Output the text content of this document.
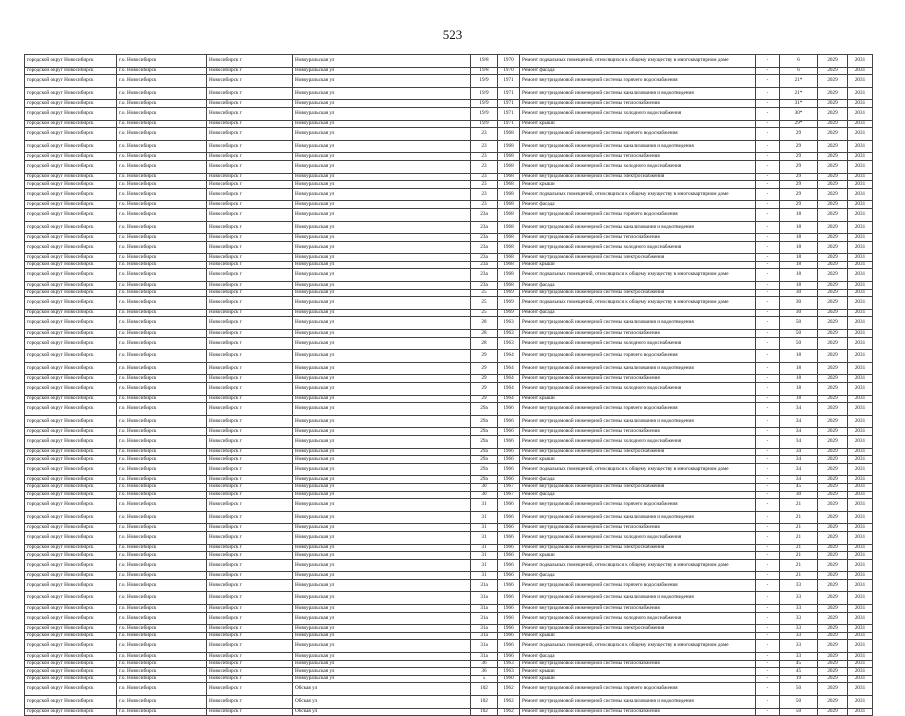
523
городской округ Новосибирск	г.о. Новосибирск	Новосибирск г	Новоуральская ул	19/8	1970	Ремонт подвальных помещений, относящихся к общему имуществу в многоквартирном доме	-	6	2029	2031
городской округ Новосибирск	г.о. Новосибирск	Новосибирск г	Новоуральская ул	19/8	1970	Ремонт фасада	-	6	2029	2031
городской округ Новосибирск	г.о. Новосибирск	Новосибирск г	Новоуральская ул	19/9	1971	Ремонт внутридомовой инженерной системы горячего водоснабжения	-	21*	2029	2031
городской округ Новосибирск	г.о. Новосибирск	Новосибирск г	Новоуральская ул	19/9	1971	Ремонт внутридомовой инженерной системы канализования и водоотведения	-	21*	2029	2031
городской округ Новосибирск	г.о. Новосибирск	Новосибирск г	Новоуральская ул	19/9	1971	Ремонт внутридомовой инженерной системы теплоснабжения	-	31*	2029	2031
городской округ Новосибирск	г.о. Новосибирск	Новосибирск г	Новоуральская ул	19/9	1971	Ремонт внутридомовой инженерной системы холодного водоснабжения	-	30*	2029	2031
городской округ Новосибирск	г.о. Новосибирск	Новосибирск г	Новоуральская ул	19/9	1971	Ремонт крыши	-	29*	2029	2031
городской округ Новосибирск	г.о. Новосибирск	Новосибирск г	Новоуральская ул	23	1968	Ремонт внутридомовой инженерной системы горячего водоснабжения	-	29	2029	2031
городской округ Новосибирск	г.о. Новосибирск	Новосибирск г	Новоуральская ул	23	1968	Ремонт внутридомовой инженерной системы канализования и водоотведения	-	29	2029	2031
городской округ Новосибирск	г.о. Новосибирск	Новосибирск г	Новоуральская ул	23	1968	Ремонт внутридомовой инженерной системы теплоснабжения	-	29	2029	2031
городской округ Новосибирск	г.о. Новосибирск	Новосибирск г	Новоуральская ул	23	1968	Ремонт внутридомовой инженерной системы холодного водоснабжения	-	29	2029	2031
городской округ Новосибирск	г.о. Новосибирск	Новосибирск г	Новоуральская ул	23	1968	Ремонт внутридомовой инженерной системы электроснабжения	-	29	2029	2031
городской округ Новосибирск	г.о. Новосибирск	Новосибирск г	Новоуральская ул	23	1968	Ремонт крыши	-	29	2029	2031
городской округ Новосибирск	г.о. Новосибирск	Новосибирск г	Новоуральская ул	23	1968	Ремонт подвальных помещений, относящихся к общему имуществу в многоквартирном доме	-	29	2029	2031
городской округ Новосибирск	г.о. Новосибирск	Новосибирск г	Новоуральская ул	23	1968	Ремонт фасада	-	29	2029	2031
городской округ Новосибирск	г.о. Новосибирск	Новосибирск г	Новоуральская ул	23а	1968	Ремонт внутридомовой инженерной системы горячего водоснабжения	-	18	2029	2031
городской округ Новосибирск	г.о. Новосибирск	Новосибирск г	Новоуральская ул	23а	1968	Ремонт внутридомовой инженерной системы канализования и водоотведения	-	18	2029	2031
городской округ Новосибирск	г.о. Новосибирск	Новосибирск г	Новоуральская ул	23а	1968	Ремонт внутридомовой инженерной системы теплоснабжения	-	18	2029	2031
городской округ Новосибирск	г.о. Новосибирск	Новосибирск г	Новоуральская ул	23а	1968	Ремонт внутридомовой инженерной системы холодного водоснабжения	-	18	2029	2031
городской округ Новосибирск	г.о. Новосибирск	Новосибирск г	Новоуральская ул	23а	1968	Ремонт внутридомовой инженерной системы электроснабжения	-	18	2029	2031
городской округ Новосибирск	г.о. Новосибирск	Новосибирск г	Новоуральская ул	23а	1968	Ремонт крыши	-	18	2029	2031
городской округ Новосибирск	г.о. Новосибирск	Новосибирск г	Новоуральская ул	23а	1968	Ремонт подвальных помещений, относящихся к общему имуществу в многоквартирном доме	-	18	2029	2031
городской округ Новосибирск	г.о. Новосибирск	Новосибирск г	Новоуральская ул	23а	1968	Ремонт фасада	-	18	2029	2031
городской округ Новосибирск	г.о. Новосибирск	Новосибирск г	Новоуральская ул	25	1969	Ремонт внутридомовой инженерной системы электроснабжения	-	30	2029	2031
городской округ Новосибирск	г.о. Новосибирск	Новосибирск г	Новоуральская ул	25	1969	Ремонт подвальных помещений, относящихся к общему имуществу в многоквартирном доме	-	30	2029	2031
городской округ Новосибирск	г.о. Новосибирск	Новосибирск г	Новоуральская ул	25	1969	Ремонт фасада	-	30	2029	2031
городской округ Новосибирск	г.о. Новосибирск	Новосибирск г	Новоуральская ул	28	1963	Ремонт внутридомовой инженерной системы канализования и водоотведения	-	50	2029	2031
городской округ Новосибирск	г.о. Новосибирск	Новосибирск г	Новоуральская ул	28	1963	Ремонт внутридомовой инженерной системы теплоснабжения	-	50	2029	2031
городской округ Новосибирск	г.о. Новосибирск	Новосибирск г	Новоуральская ул	28	1963	Ремонт внутридомовой инженерной системы холодного водоснабжения	-	50	2029	2031
городской округ Новосибирск	г.о. Новосибирск	Новосибирск г	Новоуральская ул	29	1964	Ремонт внутридомовой инженерной системы горячего водоснабжения	-	18	2029	2031
городской округ Новосибирск	г.о. Новосибирск	Новосибирск г	Новоуральская ул	29	1964	Ремонт внутридомовой инженерной системы канализования и водоотведения	-	18	2029	2031
городской округ Новосибирск	г.о. Новосибирск	Новосибирск г	Новоуральская ул	29	1964	Ремонт внутридомовой инженерной системы теплоснабжения	-	18	2029	2031
городской округ Новосибирск	г.о. Новосибирск	Новосибирск г	Новоуральская ул	29	1964	Ремонт внутридомовой инженерной системы холодного водоснабжения	-	18	2029	2031
городской округ Новосибирск	г.о. Новосибирск	Новосибирск г	Новоуральская ул	29	1964	Ремонт крыши	-	18	2029	2031
городской округ Новосибирск	г.о. Новосибирск	Новосибирск г	Новоуральская ул	29а	1966	Ремонт внутридомовой инженерной системы горячего водоснабжения	-	34	2029	2031
городской округ Новосибирск	г.о. Новосибирск	Новосибирск г	Новоуральская ул	29а	1966	Ремонт внутридомовой инженерной системы канализования и водоотведения	-	34	2029	2031
городской округ Новосибирск	г.о. Новосибирск	Новосибирск г	Новоуральская ул	29а	1966	Ремонт внутридомовой инженерной системы теплоснабжения	-	34	2029	2031
городской округ Новосибирск	г.о. Новосибирск	Новосибирск г	Новоуральская ул	29а	1966	Ремонт внутридомовой инженерной системы холодного водоснабжения	-	34	2029	2031
городской округ Новосибирск	г.о. Новосибирск	Новосибирск г	Новоуральская ул	29а	1966	Ремонт внутридомовой инженерной системы электроснабжения	-	34	2029	2031
городской округ Новосибирск	г.о. Новосибирск	Новосибирск г	Новоуральская ул	29а	1966	Ремонт крыши	-	34	2029	2031
городской округ Новосибирск	г.о. Новосибирск	Новосибирск г	Новоуральская ул	29а	1966	Ремонт подвальных помещений, относящихся к общему имуществу в многоквартирном доме	-	34	2029	2031
городской округ Новосибирск	г.о. Новосибирск	Новосибирск г	Новоуральская ул	29а	1966	Ремонт фасада	-	34	2029	2031
городской округ Новосибирск	г.о. Новосибирск	Новосибирск г	Новоуральская ул	30	1967	Ремонт внутридомовой инженерной системы электроснабжения	-	45	2029	2031
городской округ Новосибирск	г.о. Новосибирск	Новосибирск г	Новоуральская ул	30	1967	Ремонт фасада	-	30	2029	2031
городской округ Новосибирск	г.о. Новосибирск	Новосибирск г	Новоуральская ул	31	1966	Ремонт внутридомовой инженерной системы горячего водоснабжения	-	21	2029	2031
городской округ Новосибирск	г.о. Новосибирск	Новосибирск г	Новоуральская ул	31	1966	Ремонт внутридомовой инженерной системы канализования и водоотведения	-	21	2029	2031
городской округ Новосибирск	г.о. Новосибирск	Новосибирск г	Новоуральская ул	31	1966	Ремонт внутридомовой инженерной системы теплоснабжения	-	21	2029	2031
городской округ Новосибирск	г.о. Новосибирск	Новосибирск г	Новоуральская ул	31	1966	Ремонт внутридомовой инженерной системы холодного водоснабжения	-	21	2029	2031
городской округ Новосибирск	г.о. Новосибирск	Новосибирск г	Новоуральская ул	31	1966	Ремонт внутридомовой инженерной системы электроснабжения	-	21	2029	2031
городской округ Новосибирск	г.о. Новосибирск	Новосибирск г	Новоуральская ул	31	1966	Ремонт крыши	-	21	2029	2031
городской округ Новосибирск	г.о. Новосибирск	Новосибирск г	Новоуральская ул	31	1966	Ремонт подвальных помещений, относящихся к общему имуществу в многоквартирном доме	-	21	2029	2031
городской округ Новосибирск	г.о. Новосибирск	Новосибирск г	Новоуральская ул	31	1966	Ремонт фасада	-	21	2029	2031
городской округ Новосибирск	г.о. Новосибирск	Новосибирск г	Новоуральская ул	31а	1966	Ремонт внутридомовой инженерной системы горячего водоснабжения	-	33	2029	2031
городской округ Новосибирск	г.о. Новосибирск	Новосибирск г	Новоуральская ул	31а	1966	Ремонт внутридомовой инженерной системы канализования и водоотведения	-	33	2029	2031
городской округ Новосибирск	г.о. Новосибирск	Новосибирск г	Новоуральская ул	31а	1966	Ремонт внутридомовой инженерной системы теплоснабжения	-	33	2029	2031
городской округ Новосибирск	г.о. Новосибирск	Новосибирск г	Новоуральская ул	31а	1966	Ремонт внутридомовой инженерной системы холодного водоснабжения	-	33	2029	2031
городской округ Новосибирск	г.о. Новосибирск	Новосибирск г	Новоуральская ул	31а	1966	Ремонт внутридомовой инженерной системы электроснабжения	-	33	2029	2031
городской округ Новосибирск	г.о. Новосибирск	Новосибирск г	Новоуральская ул	31а	1966	Ремонт крыши	-	33	2029	2031
городской округ Новосибирск	г.о. Новосибирск	Новосибирск г	Новоуральская ул	31а	1966	Ремонт подвальных помещений, относящихся к общему имуществу в многоквартирном доме	-	33	2029	2031
городской округ Новосибирск	г.о. Новосибирск	Новосибирск г	Новоуральская ул	31а	1966	Ремонт фасада	-	33	2029	2031
городской округ Новосибирск	г.о. Новосибирск	Новосибирск г	Новоуральская ул	36	1963	Ремонт внутридомовой инженерной системы теплоснабжения	-	45	2029	2031
городской округ Новосибирск	г.о. Новосибирск	Новосибирск г	Новоуральская ул	36	1963	Ремонт крыши	-	45	2029	2031
городской округ Новосибирск	г.о. Новосибирск	Новосибирск г	Новоуральская ул	5	1960	Ремонт крыши	-	19	2029	2031
городской округ Новосибирск	г.о. Новосибирск	Новосибирск г	Обская ул	102	1962	Ремонт внутридомовой инженерной системы горячего водоснабжения	-	50	2029	2031
городской округ Новосибирск	г.о. Новосибирск	Новосибирск г	Обская ул	102	1962	Ремонт внутридомовой инженерной системы канализования и водоотведения	-	50	2029	2031
городской округ Новосибирск	г.о. Новосибирск	Новосибирск г	Обская ул	102	1962	Ремонт внутридомовой инженерной системы теплоснабжения	-	50	2029	2031
